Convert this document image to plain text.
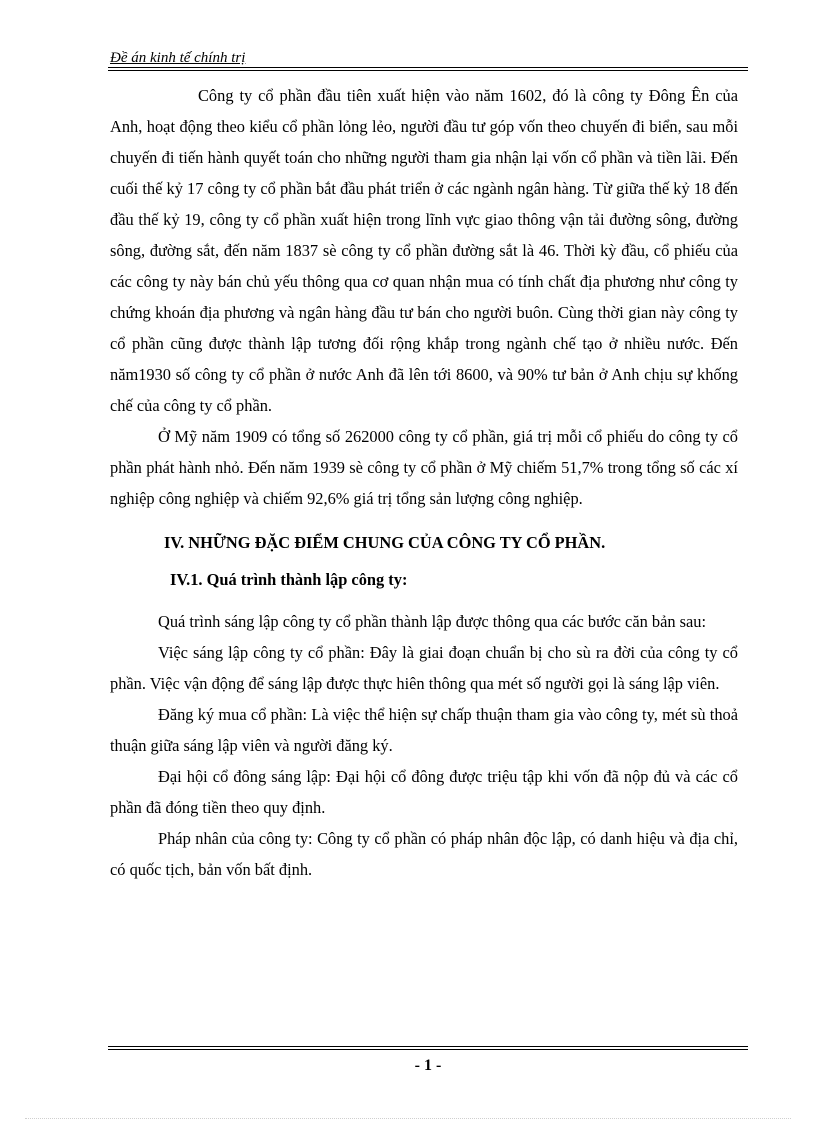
Đề án kinh tế chính trị

Công ty cổ phần đầu tiên xuất hiện vào năm 1602, đó là công ty Đông Ên của Anh, hoạt động theo kiểu cổ phần lỏng lẻo, người đầu tư góp vốn theo chuyến đi biển, sau mỗi chuyến đi tiến hành quyết toán cho những người tham gia nhận lại vốn cổ phần và tiền lãi. Đến cuối thế kỷ 17 công ty cổ phần bắt đầu phát triển ở các ngành ngân hàng. Từ giữa thế kỷ 18 đến đầu thế kỷ 19, công ty cổ phần xuất hiện trong lĩnh vực giao thông vận tải đường sông, đường sông, đường sắt, đến năm 1837 sè công ty cổ phần đường sắt là 46. Thời kỳ đầu, cổ phiếu của các công ty này bán chủ yếu thông qua cơ quan nhận mua có tính chất địa phương như công ty chứng khoán địa phương và ngân hàng đầu tư bán cho người buôn. Cùng thời gian này công ty cổ phần cũng được thành lập tương đối rộng khắp trong ngành chế tạo ở nhiều nước. Đến năm1930 số công ty cổ phần ở nước Anh đã lên tới 8600, và 90% tư bản ở Anh chịu sự khống chế của công ty cổ phần.

Ở Mỹ năm 1909 có tổng số 262000 công ty cổ phần, giá trị mỗi cổ phiếu do công ty cổ phần phát hành nhỏ. Đến năm 1939 sè công ty cổ phần ở Mỹ chiếm 51,7% trong tổng số các xí nghiệp công nghiệp và chiếm 92,6% giá trị tổng sản lượng công nghiệp.

IV. NHỮNG ĐẶC ĐIỂM CHUNG CỦA CÔNG TY CỔ PHẦN.
IV.1. Quá trình thành lập công ty:

Quá trình sáng lập công ty cổ phần thành lập được thông qua các bước căn bản sau:

Việc sáng lập công ty cổ phần: Đây là giai đoạn chuẩn bị cho sù ra đời của công ty cổ phần. Việc vận động để sáng lập được thực hiên thông qua mét số người gọi là sáng lập viên.

Đăng ký mua cổ phần: Là việc thể hiện sự chấp thuận tham gia vào công ty, mét sù thoả thuận giữa sáng lập viên và người đăng ký.

Đại hội cổ đông sáng lập: Đại hội cổ đông được triệu tập khi vốn đã nộp đủ và các cổ phần đã đóng tiền theo quy định.

Pháp nhân của công ty: Công ty cổ phần có pháp nhân độc lập, có danh hiệu và địa chỉ, có quốc tịch, bản vốn bất định.

- 1 -
